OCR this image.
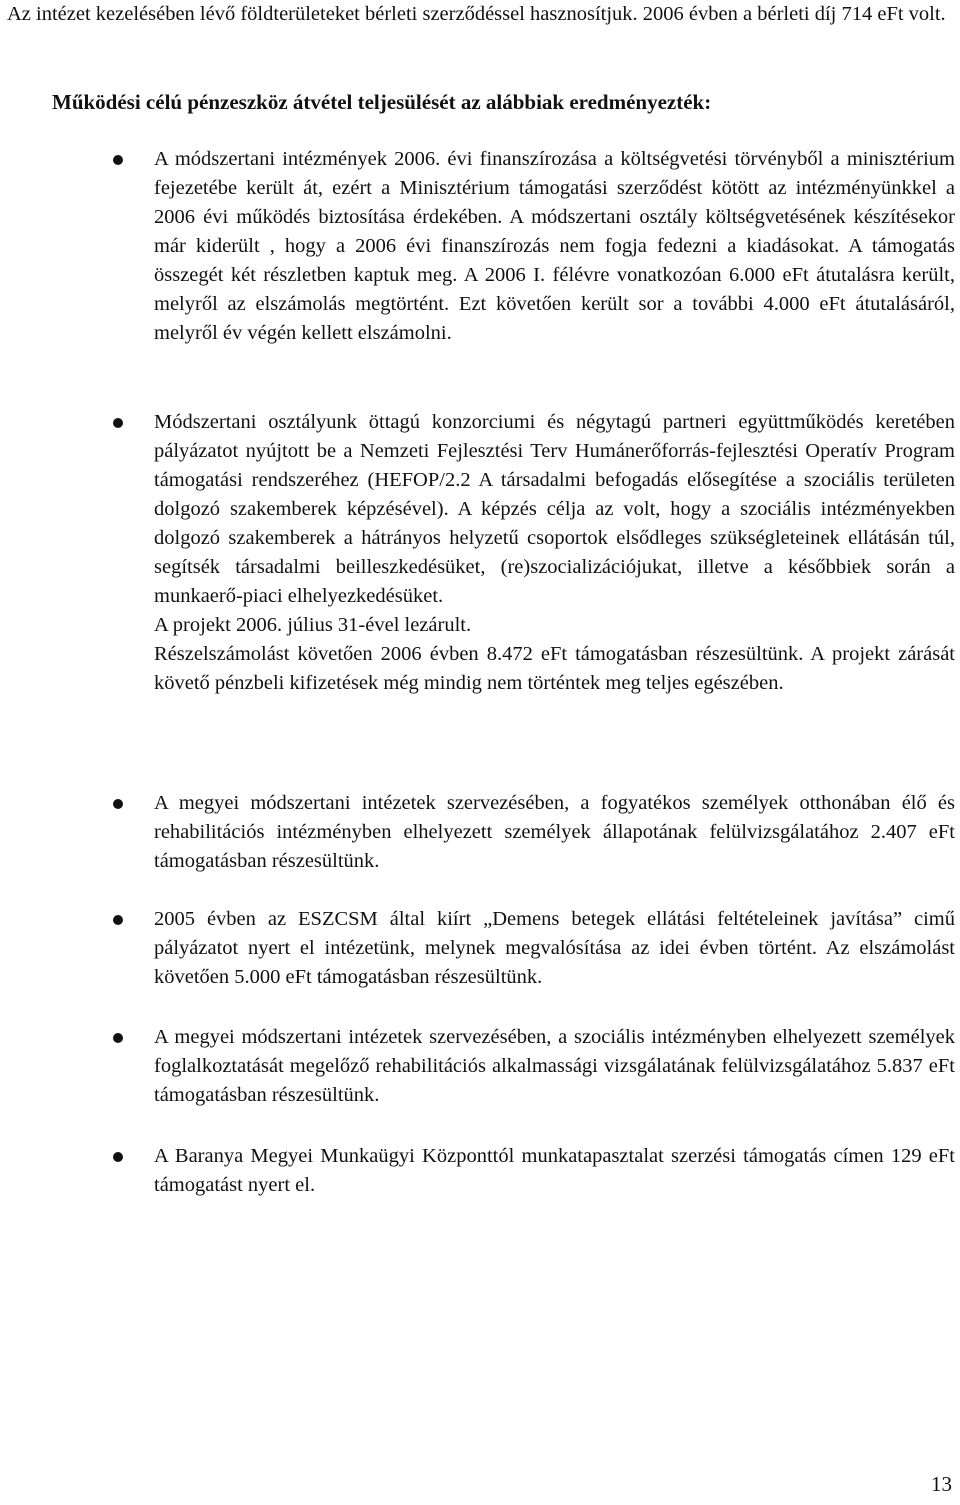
Az intézet kezelésében lévő földterületeket bérleti szerződéssel hasznosítjuk. 2006 évben a bérleti díj 714 eFt volt.
Működési célú pénzeszköz átvétel teljesülését az alábbiak eredményezték:
A módszertani intézmények 2006. évi finanszírozása a költségvetési törvényből a minisztérium fejezetébe került át, ezért a Minisztérium támogatási szerződést kötött az intézményünkkel a 2006 évi működés biztosítása érdekében. A módszertani osztály költségvetésének készítésekor már kiderült , hogy a 2006 évi finanszírozás nem fogja fedezni a kiadásokat. A támogatás összegét két részletben kaptuk meg. A 2006 I. félévre vonatkozóan 6.000 eFt átutalásra került, melyről az elszámolás megtörtént. Ezt követően került sor a további 4.000 eFt átutalásáról, melyről év végén kellett elszámolni.
Módszertani osztályunk öttagú konzorciumi és négytagú partneri együttműködés keretében pályázatot nyújtott be a Nemzeti Fejlesztési Terv Humánerőforrás-fejlesztési Operatív Program támogatási rendszeréhez (HEFOP/2.2 A társadalmi befogadás elősegítése a szociális területen dolgozó szakemberek képzésével). A képzés célja az volt, hogy a szociális intézményekben dolgozó szakemberek a hátrányos helyzetű csoportok elsődleges szükségleteinek ellátásán túl, segítsék társadalmi beilleszkedésüket, (re)szocializációjukat, illetve a későbbiek során a munkaerő-piaci elhelyezkedésüket.
A projekt 2006. július 31-ével lezárult.
Részelszámolást követően 2006 évben 8.472 eFt támogatásban részesültünk. A projekt zárását követő pénzbeli kifizetések még mindig nem történtek meg teljes egészében.
A megyei módszertani intézetek szervezésében, a fogyatékos személyek otthonában élő és rehabilitációs intézményben elhelyezett személyek állapotának felülvizsgálatához 2.407 eFt támogatásban részesültünk.
2005 évben az ESZCSM által kiírt „Demens betegek ellátási feltételeinek javítása” cimű pályázatot nyert el intézetünk, melynek megvalósítása az idei évben történt. Az elszámolást követően 5.000 eFt támogatásban részesültünk.
A megyei módszertani intézetek szervezésében, a szociális intézményben elhelyezett személyek foglalkoztatását megelőző rehabilitációs alkalmassági vizsgálatának felülvizsgálatához 5.837 eFt támogatásban részesültünk.
A Baranya Megyei Munkaügyi Központtól munkatapasztalat szerzési támogatás címen 129 eFt támogatást nyert el.
13
